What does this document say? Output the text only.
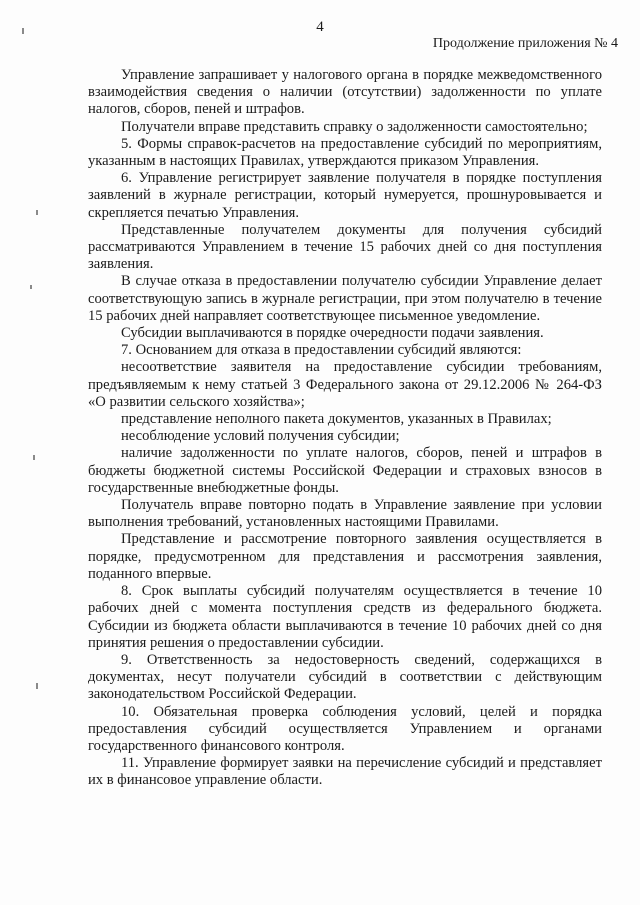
4
Продолжение приложения № 4

Управление запрашивает у налогового органа в порядке межведомственного взаимодействия сведения о наличии (отсутствии) задолженности по уплате налогов, сборов, пеней и штрафов.

Получатели вправе представить справку о задолженности самостоятельно;

5. Формы справок-расчетов на предоставление субсидий по мероприятиям, указанным в настоящих Правилах, утверждаются приказом Управления.

6. Управление регистрирует заявление получателя в порядке поступления заявлений в журнале регистрации, который нумеруется, прошнуровывается и скрепляется печатью Управления.

Представленные получателем документы для получения субсидий рассматриваются Управлением в течение 15 рабочих дней со дня поступления заявления.

В случае отказа в предоставлении получателю субсидии Управление делает соответствующую запись в журнале регистрации, при этом получателю в течение 15 рабочих дней направляет соответствующее письменное уведомление.

Субсидии выплачиваются в порядке очередности подачи заявления.

7. Основанием для отказа в предоставлении субсидий являются:

несоответствие заявителя на предоставление субсидии требованиям, предъявляемым к нему статьей 3 Федерального закона от 29.12.2006 № 264-ФЗ «О развитии сельского хозяйства»;

представление неполного пакета документов, указанных в Правилах;

несоблюдение условий получения субсидии;

наличие задолженности по уплате налогов, сборов, пеней и штрафов в бюджеты бюджетной системы Российской Федерации и страховых взносов в государственные внебюджетные фонды.

Получатель вправе повторно подать в Управление заявление при условии выполнения требований, установленных настоящими Правилами.

Представление и рассмотрение повторного заявления осуществляется в порядке, предусмотренном для представления и рассмотрения заявления, поданного впервые.

8. Срок выплаты субсидий получателям осуществляется в течение 10 рабочих дней с момента поступления средств из федерального бюджета. Субсидии из бюджета области выплачиваются в течение 10 рабочих дней со дня принятия решения о предоставлении субсидии.

9. Ответственность за недостоверность сведений, содержащихся в документах, несут получатели субсидий в соответствии с действующим законодательством Российской Федерации.

10. Обязательная проверка соблюдения условий, целей и порядка предоставления субсидий осуществляется Управлением и органами государственного финансового контроля.

11. Управление формирует заявки на перечисление субсидий и представляет их в финансовое управление области.
